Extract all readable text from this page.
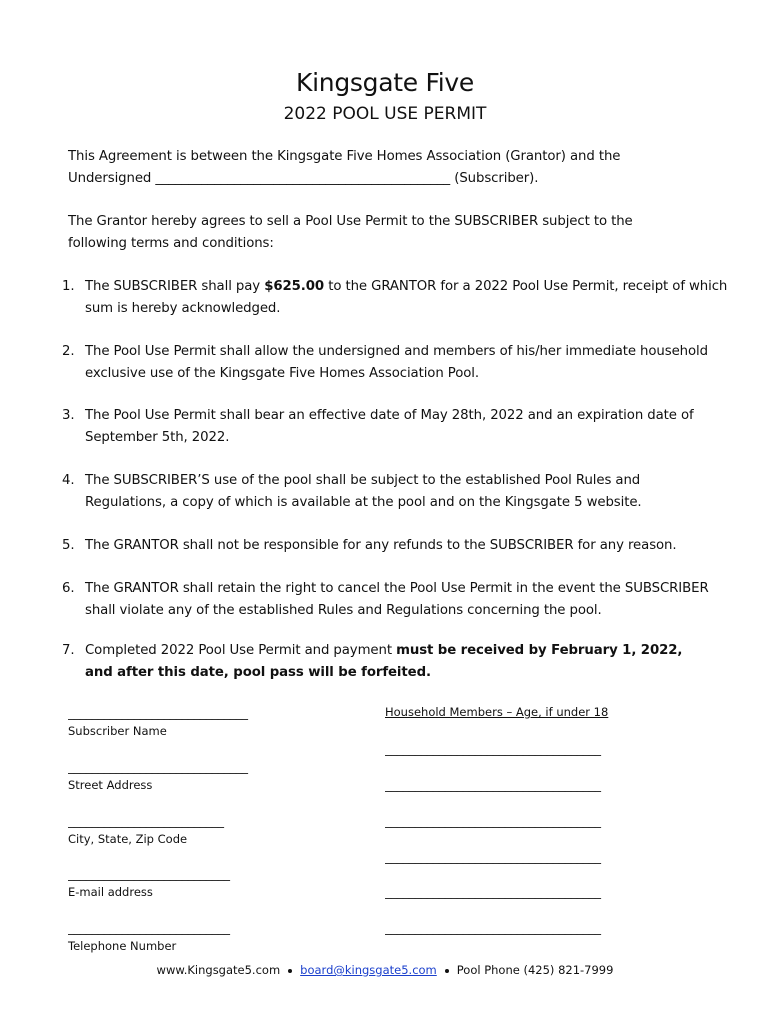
Kingsgate Five
2022 POOL USE PERMIT
This Agreement is between the Kingsgate Five Homes Association (Grantor) and the
Undersigned _____________________________________________ (Subscriber).
The Grantor hereby agrees to sell a Pool Use Permit to the SUBSCRIBER subject to the following terms and conditions:
1. The SUBSCRIBER shall pay $625.00 to the GRANTOR for a 2022 Pool Use Permit, receipt of which sum is hereby acknowledged.
2. The Pool Use Permit shall allow the undersigned and members of his/her immediate household exclusive use of the Kingsgate Five Homes Association Pool.
3. The Pool Use Permit shall bear an effective date of May 28th, 2022 and an expiration date of September 5th, 2022.
4. The SUBSCRIBER’S use of the pool shall be subject to the established Pool Rules and Regulations, a copy of which is available at the pool and on the Kingsgate 5 website.
5. The GRANTOR shall not be responsible for any refunds to the SUBSCRIBER for any reason.
6. The GRANTOR shall retain the right to cancel the Pool Use Permit in the event the SUBSCRIBER shall violate any of the established Rules and Regulations concerning the pool.
7. Completed 2022 Pool Use Permit and payment must be received by February 1, 2022, and after this date, pool pass will be forfeited.
______________________________
Subscriber Name
______________________________
Street Address
__________________________
City, State, Zip Code
___________________________
E-mail address
___________________________
Telephone Number
Household Members – Age, if under 18
____________________________________
____________________________________
____________________________________
____________________________________
____________________________________
____________________________________
www.Kingsgate5.com board@kingsgate5.com Pool Phone (425) 821-7999
